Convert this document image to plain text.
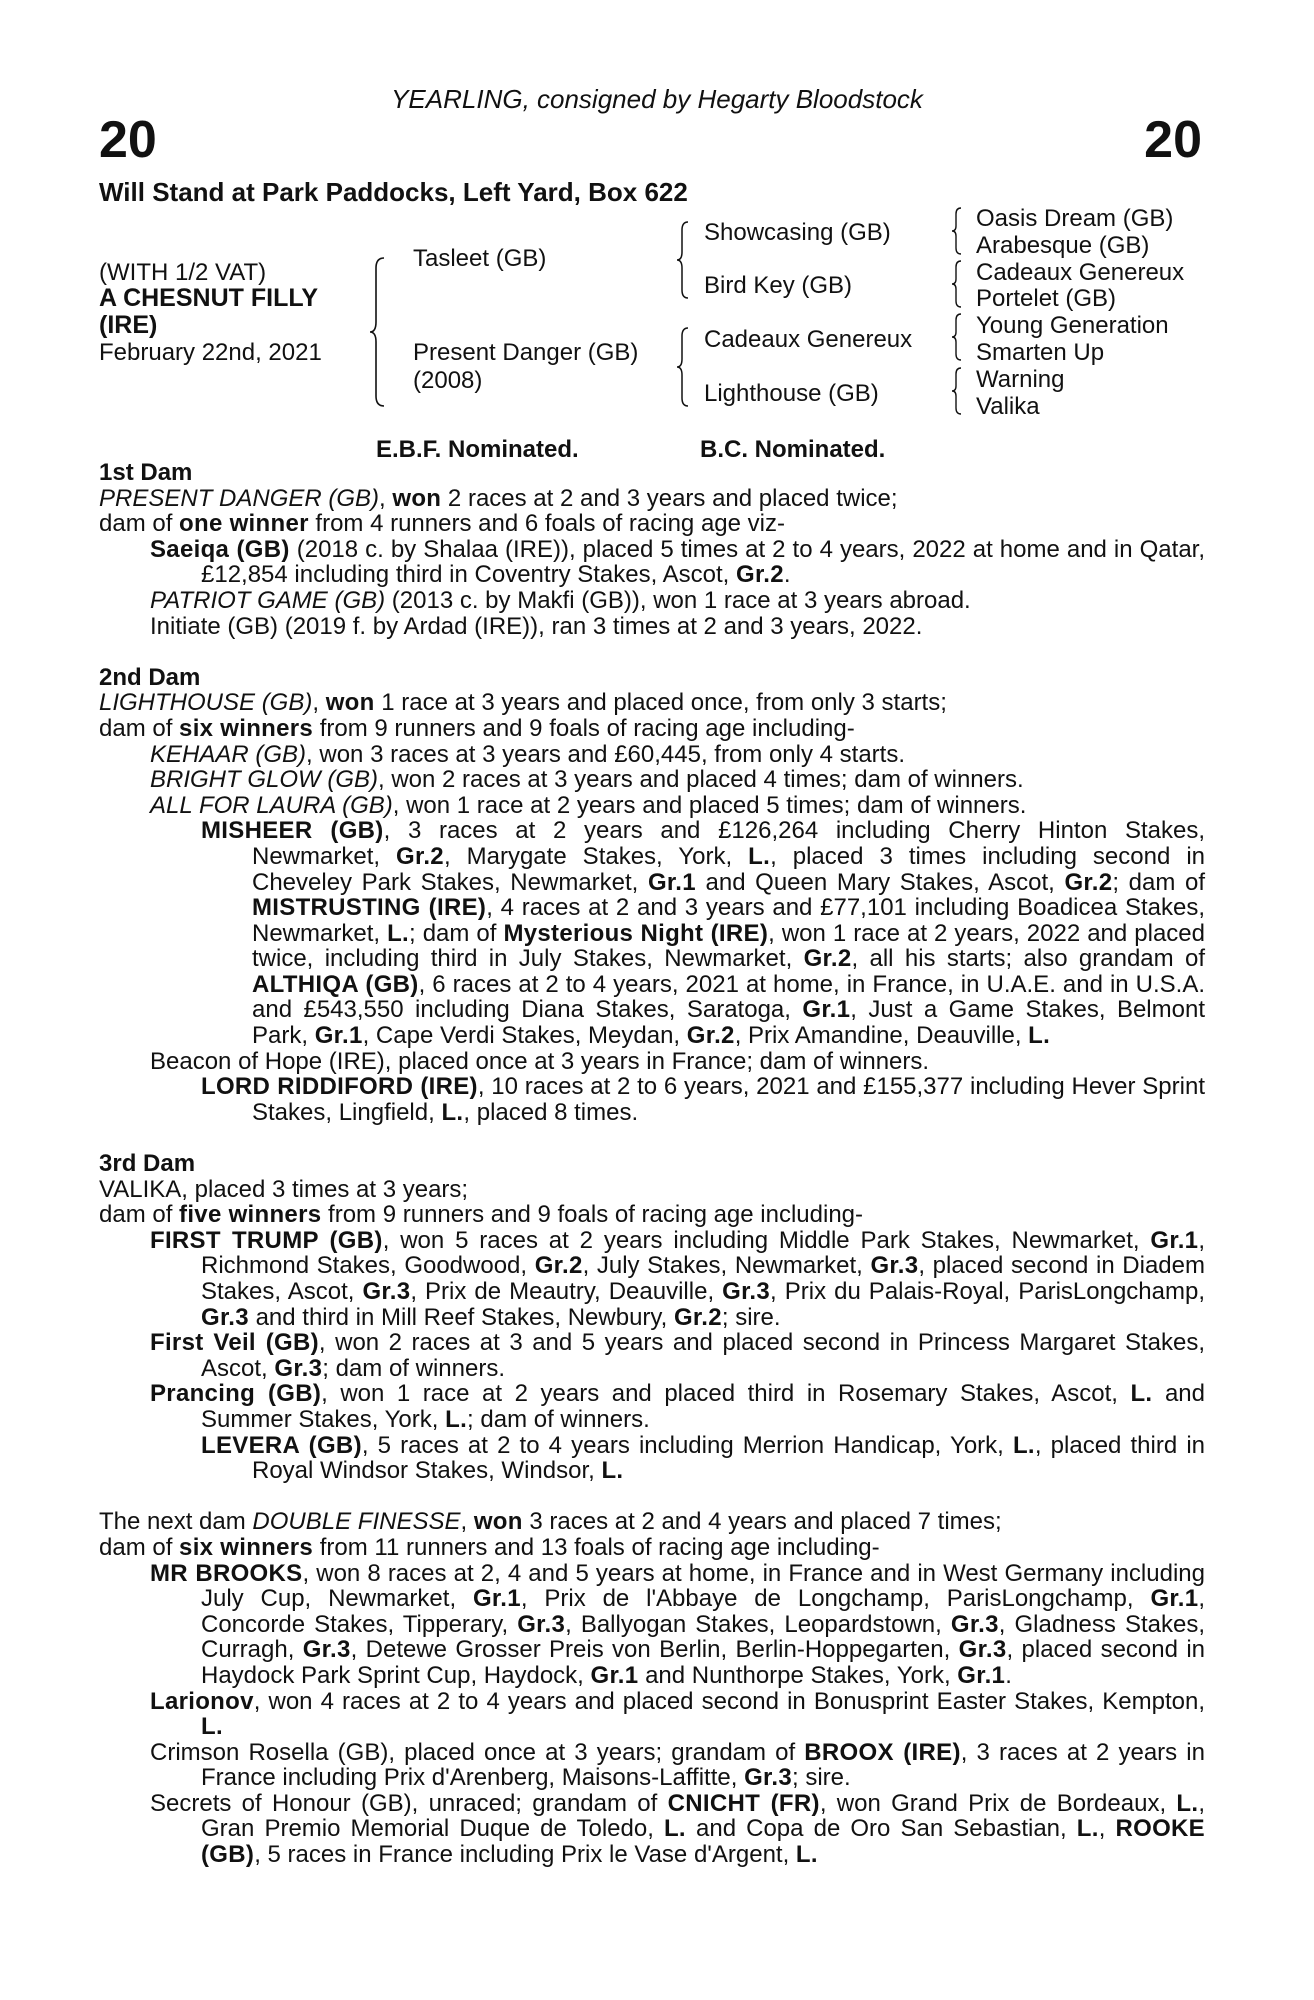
YEARLING, consigned by Hegarty Bloodstock
20	20
Will Stand at Park Paddocks, Left Yard, Box 622
(WITH 1/2 VAT)
A CHESNUT FILLY
(IRE)
February 22nd, 2021
Tasleet (GB)
Present Danger (GB)
(2008)
Showcasing (GB)
Bird Key (GB)
Cadeaux Genereux
Lighthouse (GB)
Oasis Dream (GB)
Arabesque (GB)
Cadeaux Genereux
Portelet (GB)
Young Generation
Smarten Up
Warning
Valika
E.B.F. Nominated.	B.C. Nominated.
1st Dam

PRESENT DANGER (GB), won 2 races at 2 and 3 years and placed twice;

dam of one winner from 4 runners and 6 foals of racing age viz-

Saeiqa (GB) (2018 c. by Shalaa (IRE)), placed 5 times at 2 to 4 years, 2022 at home and in Qatar, £12,854 including third in Coventry Stakes, Ascot, Gr.2.

PATRIOT GAME (GB) (2013 c. by Makfi (GB)), won 1 race at 3 years abroad.

Initiate (GB) (2019 f. by Ardad (IRE)), ran 3 times at 2 and 3 years, 2022.

2nd Dam

LIGHTHOUSE (GB), won 1 race at 3 years and placed once, from only 3 starts;

dam of six winners from 9 runners and 9 foals of racing age including-

KEHAAR (GB), won 3 races at 3 years and £60,445, from only 4 starts.

BRIGHT GLOW (GB), won 2 races at 3 years and placed 4 times; dam of winners.

ALL FOR LAURA (GB), won 1 race at 2 years and placed 5 times; dam of winners.

MISHEER (GB), 3 races at 2 years and £126,264 including Cherry Hinton Stakes, Newmarket, Gr.2, Marygate Stakes, York, L., placed 3 times including second in Cheveley Park Stakes, Newmarket, Gr.1 and Queen Mary Stakes, Ascot, Gr.2; dam of MISTRUSTING (IRE), 4 races at 2 and 3 years and £77,101 including Boadicea Stakes, Newmarket, L.; dam of Mysterious Night (IRE), won 1 race at 2 years, 2022 and placed twice, including third in July Stakes, Newmarket, Gr.2, all his starts; also grandam of ALTHIQA (GB), 6 races at 2 to 4 years, 2021 at home, in France, in U.A.E. and in U.S.A. and £543,550 including Diana Stakes, Saratoga, Gr.1, Just a Game Stakes, Belmont Park, Gr.1, Cape Verdi Stakes, Meydan, Gr.2, Prix Amandine, Deauville, L.

Beacon of Hope (IRE), placed once at 3 years in France; dam of winners.

LORD RIDDIFORD (IRE), 10 races at 2 to 6 years, 2021 and £155,377 including Hever Sprint Stakes, Lingfield, L., placed 8 times.

3rd Dam

VALIKA, placed 3 times at 3 years;

dam of five winners from 9 runners and 9 foals of racing age including-

FIRST TRUMP (GB), won 5 races at 2 years including Middle Park Stakes, Newmarket, Gr.1, Richmond Stakes, Goodwood, Gr.2, July Stakes, Newmarket, Gr.3, placed second in Diadem Stakes, Ascot, Gr.3, Prix de Meautry, Deauville, Gr.3, Prix du Palais-Royal, ParisLongchamp, Gr.3 and third in Mill Reef Stakes, Newbury, Gr.2; sire.

First Veil (GB), won 2 races at 3 and 5 years and placed second in Princess Margaret Stakes, Ascot, Gr.3; dam of winners.

Prancing (GB), won 1 race at 2 years and placed third in Rosemary Stakes, Ascot, L. and Summer Stakes, York, L.; dam of winners.

LEVERA (GB), 5 races at 2 to 4 years including Merrion Handicap, York, L., placed third in Royal Windsor Stakes, Windsor, L.

The next dam DOUBLE FINESSE, won 3 races at 2 and 4 years and placed 7 times;

dam of six winners from 11 runners and 13 foals of racing age including-

MR BROOKS, won 8 races at 2, 4 and 5 years at home, in France and in West Germany including July Cup, Newmarket, Gr.1, Prix de l'Abbaye de Longchamp, ParisLongchamp, Gr.1, Concorde Stakes, Tipperary, Gr.3, Ballyogan Stakes, Leopardstown, Gr.3, Gladness Stakes, Curragh, Gr.3, Detewe Grosser Preis von Berlin, Berlin-Hoppegarten, Gr.3, placed second in Haydock Park Sprint Cup, Haydock, Gr.1 and Nunthorpe Stakes, York, Gr.1.

Larionov, won 4 races at 2 to 4 years and placed second in Bonusprint Easter Stakes, Kempton, L.

Crimson Rosella (GB), placed once at 3 years; grandam of BROOX (IRE), 3 races at 2 years in France including Prix d'Arenberg, Maisons-Laffitte, Gr.3; sire.

Secrets of Honour (GB), unraced; grandam of CNICHT (FR), won Grand Prix de Bordeaux, L., Gran Premio Memorial Duque de Toledo, L. and Copa de Oro San Sebastian, L., ROOKE (GB), 5 races in France including Prix le Vase d'Argent, L.
